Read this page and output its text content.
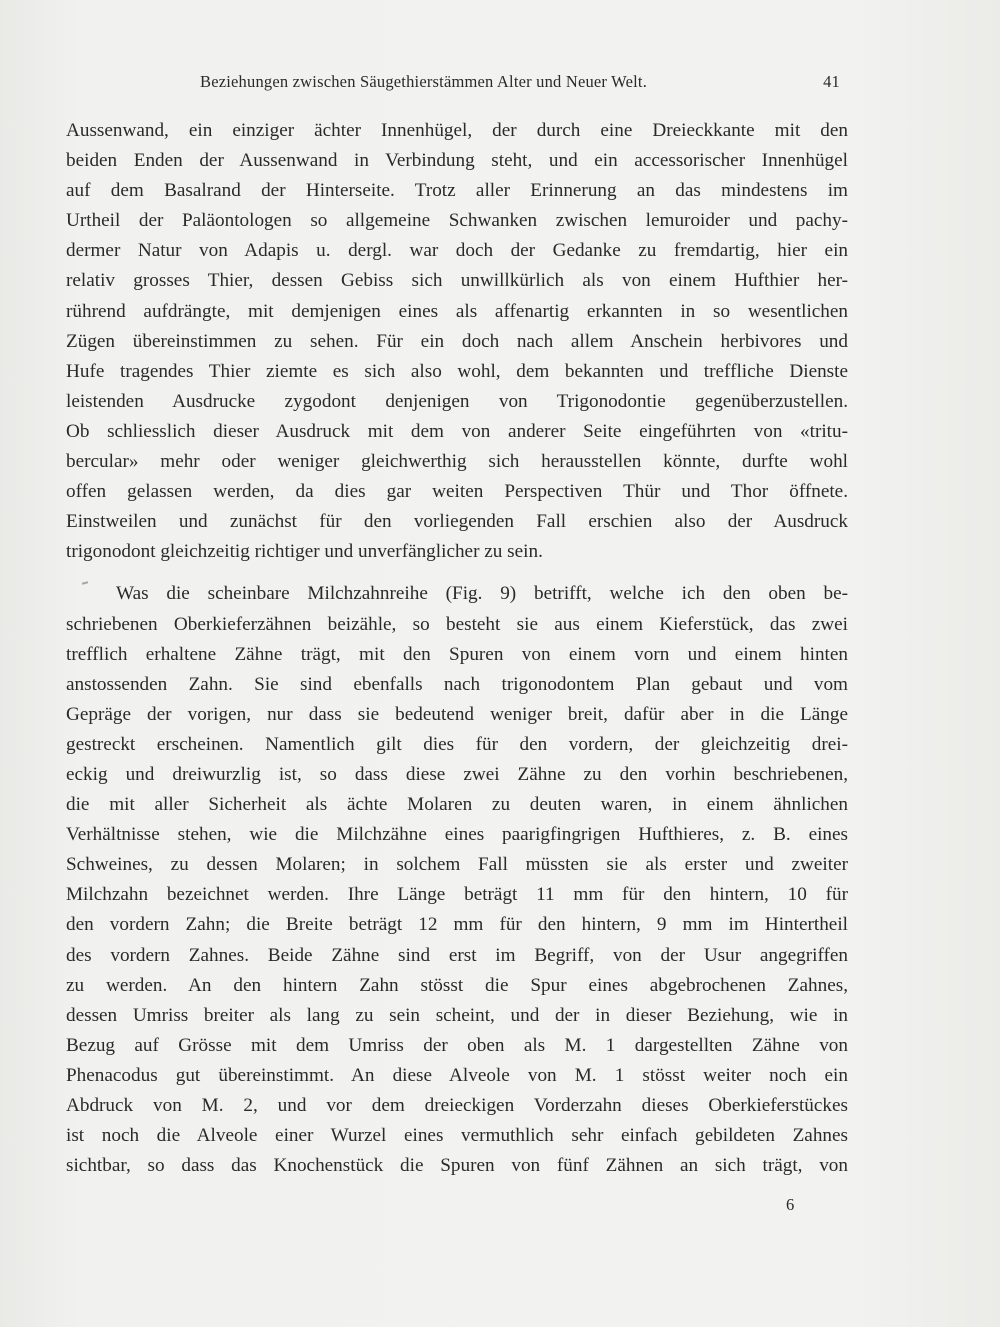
Beziehungen zwischen Säugethierstämmen Alter und Neuer Welt.	41
Aussenwand, ein einziger ächter Innenhügel, der durch eine Dreieckkante mit den
beiden Enden der Aussenwand in Verbindung steht, und ein accessorischer Innenhügel
auf dem Basalrand der Hinterseite. Trotz aller Erinnerung an das mindestens im
Urtheil der Paläontologen so allgemeine Schwanken zwischen lemuroider und pachy-
dermer Natur von Adapis u. dergl. war doch der Gedanke zu fremdartig, hier ein
relativ grosses Thier, dessen Gebiss sich unwillkürlich als von einem Hufthier her-
rührend aufdrängte, mit demjenigen eines als affenartig erkannten in so wesentlichen
Zügen übereinstimmen zu sehen. Für ein doch nach allem Anschein herbivores und
Hufe tragendes Thier ziemte es sich also wohl, dem bekannten und treffliche Dienste
leistenden Ausdrucke zygodont denjenigen von Trigonodontie gegenüberzustellen.
Ob schliesslich dieser Ausdruck mit dem von anderer Seite eingeführten von «tritu-
bercular» mehr oder weniger gleichwerthig sich herausstellen könnte, durfte wohl
offen gelassen werden, da dies gar weiten Perspectiven Thür und Thor öffnete.
Einstweilen und zunächst für den vorliegenden Fall erschien also der Ausdruck
trigonodont gleichzeitig richtiger und unverfänglicher zu sein.
Was die scheinbare Milchzahnreihe (Fig. 9) betrifft, welche ich den oben be-
schriebenen Oberkieferzähnen beizähle, so besteht sie aus einem Kieferstück, das zwei
trefflich erhaltene Zähne trägt, mit den Spuren von einem vorn und einem hinten
anstossenden Zahn. Sie sind ebenfalls nach trigonodontem Plan gebaut und vom
Gepräge der vorigen, nur dass sie bedeutend weniger breit, dafür aber in die Länge
gestreckt erscheinen. Namentlich gilt dies für den vordern, der gleichzeitig drei-
eckig und dreiwurzlig ist, so dass diese zwei Zähne zu den vorhin beschriebenen,
die mit aller Sicherheit als ächte Molaren zu deuten waren, in einem ähnlichen
Verhältnisse stehen, wie die Milchzähne eines paarigfingrigen Hufthieres, z. B. eines
Schweines, zu dessen Molaren; in solchem Fall müssten sie als erster und zweiter
Milchzahn bezeichnet werden. Ihre Länge beträgt 11 mm für den hintern, 10 für
den vordern Zahn; die Breite beträgt 12 mm für den hintern, 9 mm im Hintertheil
des vordern Zahnes. Beide Zähne sind erst im Begriff, von der Usur angegriffen
zu werden. An den hintern Zahn stösst die Spur eines abgebrochenen Zahnes,
dessen Umriss breiter als lang zu sein scheint, und der in dieser Beziehung, wie in
Bezug auf Grösse mit dem Umriss der oben als M. 1 dargestellten Zähne von
Phenacodus gut übereinstimmt. An diese Alveole von M. 1 stösst weiter noch ein
Abdruck von M. 2, und vor dem dreieckigen Vorderzahn dieses Oberkieferstückes
ist noch die Alveole einer Wurzel eines vermuthlich sehr einfach gebildeten Zahnes
sichtbar, so dass das Knochenstück die Spuren von fünf Zähnen an sich trägt, von
6
